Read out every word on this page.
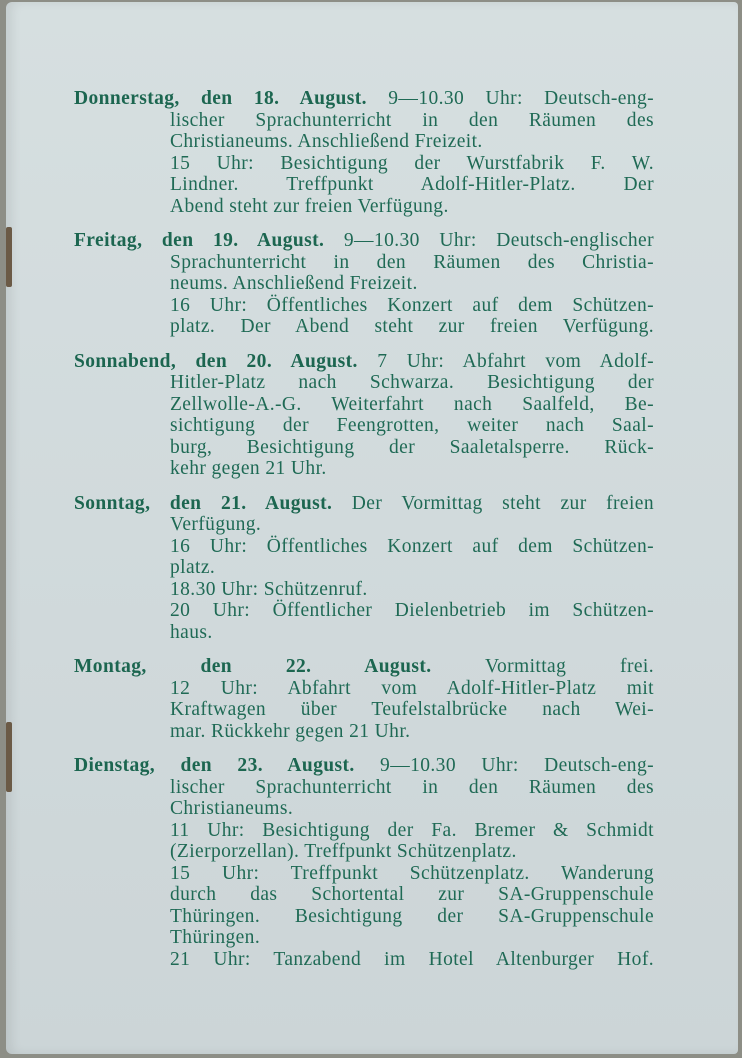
Donnerstag, den 18. August. 9—10.30 Uhr: Deutsch-eng-
lischer Sprachunterricht in den Räumen des
Christianeums. Anschließend Freizeit.
15 Uhr: Besichtigung der Wurstfabrik F. W.
Lindner. Treffpunkt Adolf-Hitler-Platz. Der
Abend steht zur freien Verfügung.
Freitag, den 19. August. 9—10.30 Uhr: Deutsch-englischer
Sprachunterricht in den Räumen des Christia-
neums. Anschließend Freizeit.
16 Uhr: Öffentliches Konzert auf dem Schützen-
platz. Der Abend steht zur freien Verfügung.
Sonnabend, den 20. August. 7 Uhr: Abfahrt vom Adolf-
Hitler-Platz nach Schwarza. Besichtigung der
Zellwolle-A.-G. Weiterfahrt nach Saalfeld, Be-
sichtigung der Feengrotten, weiter nach Saal-
burg, Besichtigung der Saaletalsperre. Rück-
kehr gegen 21 Uhr.
Sonntag, den 21. August. Der Vormittag steht zur freien
Verfügung.
16 Uhr: Öffentliches Konzert auf dem Schützen-
platz.
18.30 Uhr: Schützenruf.
20 Uhr: Öffentlicher Dielenbetrieb im Schützen-
haus.
Montag, den 22. August.	Vormittag frei.
12 Uhr: Abfahrt vom Adolf-Hitler-Platz mit
Kraftwagen über Teufelstalbrücke nach Wei-
mar. Rückkehr gegen 21 Uhr.
Dienstag, den 23. August. 9—10.30 Uhr: Deutsch-eng-
lischer Sprachunterricht in den Räumen des
Christianeums.
11 Uhr: Besichtigung der Fa. Bremer & Schmidt
(Zierporzellan). Treffpunkt Schützenplatz.
15 Uhr: Treffpunkt Schützenplatz. Wanderung
durch das Schortental zur SA-Gruppenschule
Thüringen. Besichtigung der SA-Gruppenschule
Thüringen.
21 Uhr: Tanzabend im Hotel Altenburger Hof.
